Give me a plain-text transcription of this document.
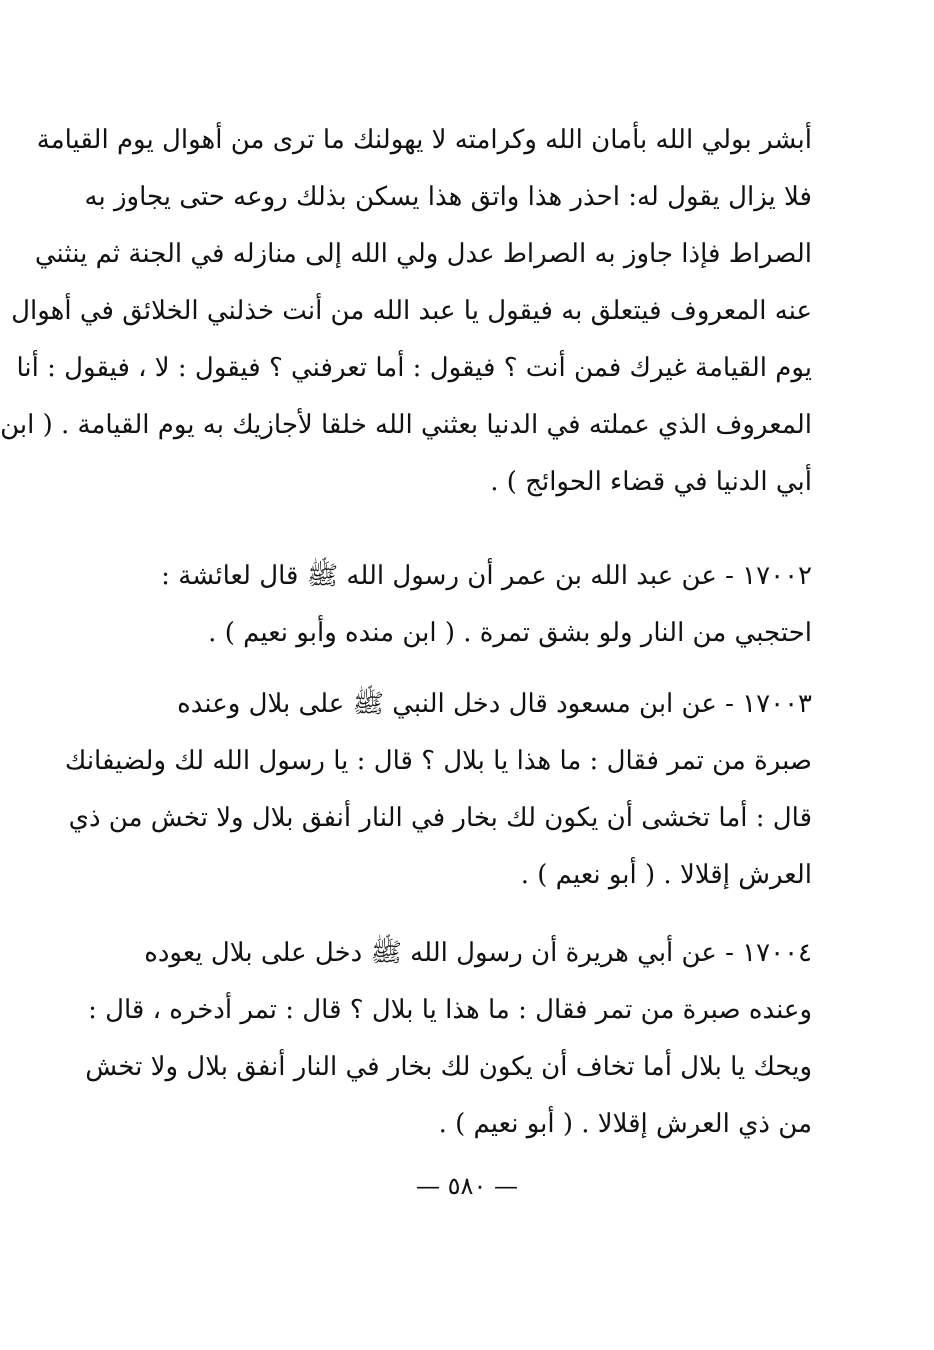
أبشر بولي الله بأمان الله وكرامته لا يهولنك ما ترى من أهوال يوم القيامة
فلا يزال يقول له: احذر هذا واتق هذا يسكن بذلك روعه حتى يجاوز به
الصراط فإذا جاوز به الصراط عدل ولي الله إلى منازله في الجنة ثم ينثني
عنه المعروف فيتعلق به فيقول يا عبد الله من أنت خذلني الخلائق في أهوال
يوم القيامة غيرك فمن أنت ؟ فيقول : أما تعرفني ؟ فيقول : لا ، فيقول : أنا
المعروف الذي عملته في الدنيا بعثني الله خلقا لأجازيك به يوم القيامة . ( ابن
أبي الدنيا في قضاء الحوائج ) .
١٧٠٠٢ - عن عبد الله بن عمر أن رسول الله ﷺ قال لعائشة :
احتجبي من النار ولو بشق تمرة . ( ابن منده وأبو نعيم ) .
١٧٠٠٣ - عن ابن مسعود قال دخل النبي ﷺ على بلال وعنده
صبرة من تمر فقال : ما هذا يا بلال ؟ قال : يا رسول الله لك ولضيفانك
قال : أما تخشى أن يكون لك بخار في النار أنفق بلال ولا تخش من ذي
العرش إقلالا . ( أبو نعيم ) .
١٧٠٠٤ - عن أبي هريرة أن رسول الله ﷺ دخل على بلال يعوده
وعنده صبرة من تمر فقال : ما هذا يا بلال ؟ قال : تمر أدخره ، قال :
ويحك يا بلال أما تخاف أن يكون لك بخار في النار أنفق بلال ولا تخش
من ذي العرش إقلالا . ( أبو نعيم ) .
— ٥٨٠ —
